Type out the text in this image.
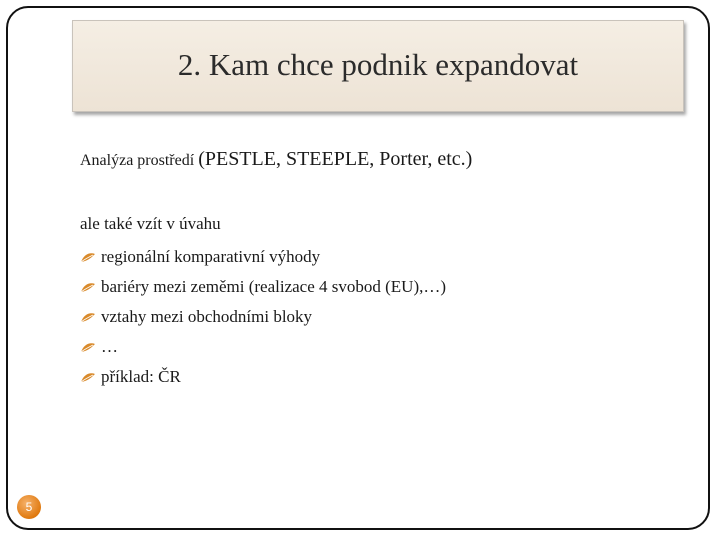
2. Kam chce podnik expandovat
Analýza prostředí (PESTLE, STEEPLE, Porter, etc.)
ale také vzít v úvahu
regionální komparativní výhody
bariéry mezi zeměmi (realizace 4 svobod (EU),…)
vztahy mezi obchodními bloky
…
příklad: ČR
5
